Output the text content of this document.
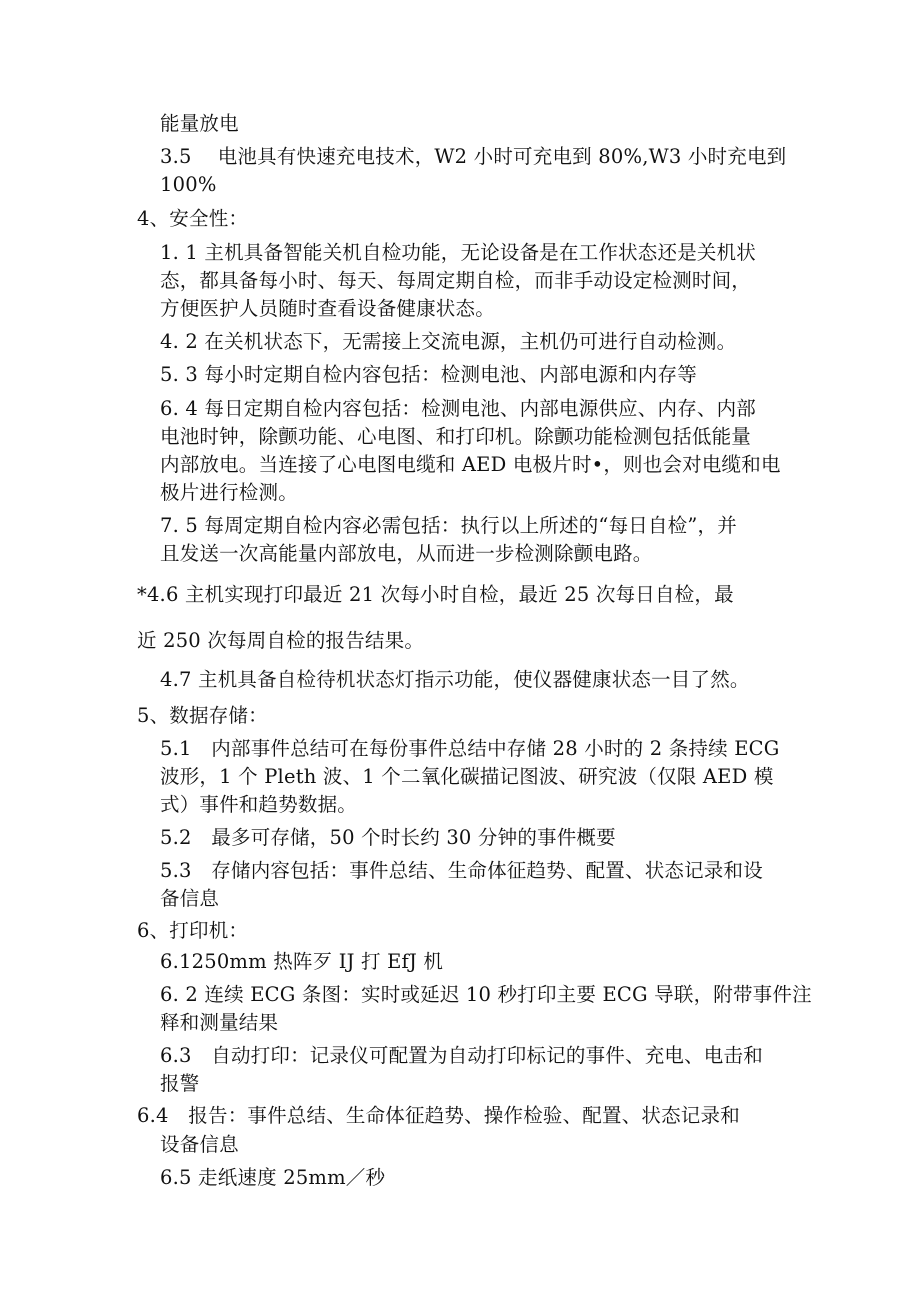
能量放电
3.5　 电池具有快速充电技术，W2 小时可充电到 80%,W3 小时充电到
100%
4、安全性：
1. 1 主机具备智能关机自检功能，无论设备是在工作状态还是关机状
态，都具备每小时、每天、每周定期自检，而非手动设定检测时间，
方便医护人员随时查看设备健康状态。
4. 2 在关机状态下，无需接上交流电源，主机仍可进行自动检测。
5. 3 每小时定期自检内容包括：检测电池、内部电源和内存等
6. 4 每日定期自检内容包括：检测电池、内部电源供应、内存、内部
电池时钟，除颤功能、心电图、和打印机。除颤功能检测包括低能量
内部放电。当连接了心电图电缆和 AED 电极片时•，则也会对电缆和电
极片进行检测。
7. 5 每周定期自检内容必需包括：执行以上所述的“每日自检”，并
且发送一次高能量内部放电，从而进一步检测除颤电路。
*4.6 主机实现打印最近 21 次每小时自检，最近 25 次每日自检，最
近 250 次每周自检的报告结果。
4.7 主机具备自检待机状态灯指示功能，使仪器健康状态一目了然。
5、数据存储：
5.1　内部事件总结可在每份事件总结中存储 28 小时的 2 条持续 ECG
波形，1 个 Pleth 波、1 个二氧化碳描记图波、研究波（仅限 AED 模
式）事件和趋势数据。
5.2　最多可存储，50 个时长约 30 分钟的事件概要
5.3　存储内容包括：事件总结、生命体征趋势、配置、状态记录和设
备信息
6、打印机：
6.1250mm 热阵歹 IJ 打 EfJ 机
6. 2 连续 ECG 条图：实时或延迟 10 秒打印主要 ECG 导联，附带事件注
释和测量结果
6.3　自动打印：记录仪可配置为自动打印标记的事件、充电、电击和
报警
6.4　报告：事件总结、生命体征趋势、操作检验、配置、状态记录和
设备信息
6.5 走纸速度 25mm／秒
